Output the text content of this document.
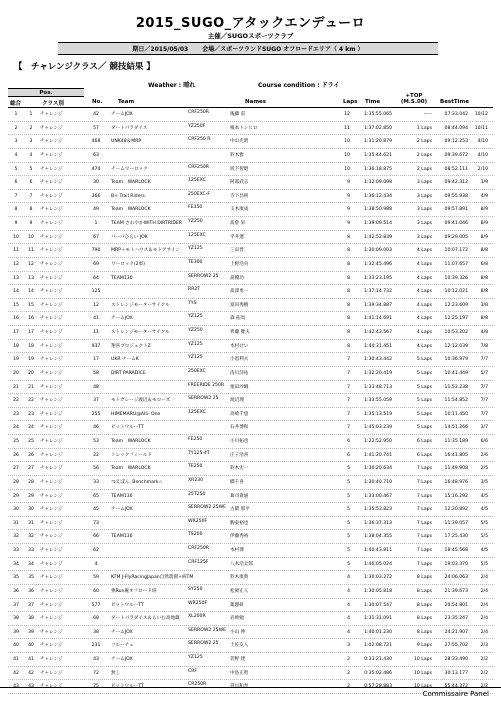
2015_SUGO_アタックエンデューロ
主催／SUGOスポーツクラブ
期日／2015/05/03 会場／スポーツランドSUGO オフロードエリア（ 4 km ）
【　チャレンジクラス／ 競技結果 】
Weather : 晴れ	Course condition : ドライ
Pos.
総合	クラス別	No.	Team	Names	Laps Time
+TOP (M.S.00)	BestTime
1	1	チャレンジ	42	チームJOX	CRF250R	後藤 雷	12	1:35:55.065	-----	07:33.042	10/12
2	2	チャレンジ	57	ダートパラダイス	YZ250F	根本トシヒロ	11	1:37:02.850	1 Laps	08:44.094	10/11
3	3	チャレンジ	468	UNK48＆MRP	CRF250 R	中山光昭	10	1:31:20.879	2 Laps	09:12.253	4/10
4	4	チャレンジ	63	鈴木雅	10	1:35:44.621	2 Laps	09:39.672	4/10
5	5	チャレンジ	474	チームワーロック	CRF250R	坂下智昭	10	1:36:18.875	2 Laps	08:52.111	2/10
6	6	チャレンジ	30	Team　WARLOCK	125EXC	阿部武志	9	1:32:09.098	3 Laps	09:42.312	3/9
7	7	チャレンジ	366	B+ Trail Riders	250EXC-F	寺下昌則	9	1:36:12.434	3 Laps	09:55.938	4/9
8	8	チャレンジ	49	Team　WARLOCK	FE350	玉木康成	9	1:38:50.988	3 Laps	09:57.891	8/9
9	9	チャレンジ	1	TEAM さわやかWITH DIRTRIDER YZ250	髙倉 栄	9	1:39:09.514	3 Laps	09:41.046	8/9
10	10	チャレンジ	67	パーパひらい JOK	125EXC	平井遼	8	1:42:52.839	3 Laps	09:29.005	8/9
11	11	チャレンジ	790	MRP＋モトハウス＆モトアサイン	YZ125	三田晋	8	1:30:09.003	4 Laps	10:07.172	8/8
12	12	チャレンジ	69	ワーロック(2軍)	TE300	上野浩央	8	1:32:45.496	4 Laps	11:07.657	6/8
13	13	チャレンジ	64	TEAM130	SERROW2 25	髙橋功	8	1:33:23.195	4 Laps	10:39.326	8/8
14	14	チャレンジ	125	RR2T	髙澤勇一	8	1:37:14.732	4 Laps	10:12.021	8/8
15	15	チャレンジ	12	ストレンジモーターサイクル	TYS	富田秀樹	8	1:39:34.887	4 Laps	12:23.609	3/8
16	16	チャレンジ	41	チームJOX	YZ125	森 拓馬	8	1:41:14.691	4 Laps	12:25.197	8/8
17	17	チャレンジ	11	ストレンジモーターサイクル	YZ250	齊藤 雅夫	8	1:42:43.567	4 Laps	10:53.202	4/8
18	18	チャレンジ	937	翔喜プロジェクトZ	YZ125	木村けい	8	1:44:31.451	4 Laps	12:12.039	7/8
19	19	チャレンジ	17	UKR チームK	YZ125	小恩利夫	7	1:30:43.442	5 Laps	10:36.979	7/7
20	20	チャレンジ	58	DIRT PARADICE	250EXC	清川洋祐	7	1:32:20.419	5 Laps	10:41.449	5/7
21	21	チャレンジ	48	FREERIDE 250R	栗田沙織	7	1:33:48.713	5 Laps	11:53.238	7/7
22	22	チャレンジ	37	モトガレージ渡辺＆モローズ	SERROW2 25	渡辺理	7	1:33:55.059	5 Laps	11:54.852	7/7
23	23	チャレンジ	255	HIMEMARU@Alli- One	125EXC	高崎千恵	7	1:35:13.519	5 Laps	10:11.450	7/7
24	24	チャレンジ	46	ビットウルーTT	石井博和	7	1:45:03.239	5 Laps	14:51.266	3/7
25	25	チャレンジ	53	Team　WARLOCK	FE250	小川拓也	6	1:22:52.950	6 Laps	11:35.189	6/6
26	26	チャレンジ	22	トレックフィールド	TY125-4T	庄子浩喜	6	1:41:20.741	6 Laps	16:41.805	2/6
27	27	チャレンジ	56	Team　WARLOCK	TE250	鈴木宏一	5	1:30:20.634	7 Laps	11:49.908	2/5
28	28	チャレンジ	33	つえぽん, Benchmark☆	XR230	橋千喜	5	1:30:40.710	7 Laps	16:48.976	3/5
29	29	チャレンジ	65	TEAM130	25T250	葛司貴通	5	1:33:00.467	7 Laps	15:16.292	4/5
30	30	チャレンジ	45	チームJOX	SERROW2 25WE 古閑 那平	5	1:35:53.823	7 Laps	12:20.892	4/5
31	31	チャレンジ	73	WR250F	駒東裕也	5	1:36:37.313	7 Laps	11:39.057	5/5
32	32	チャレンジ	66	TEAM130	TS200	伊藤秀裕	5	1:38:04.355	7 Laps	17:25.430	5/5
33	33	チャレンジ	62	CRF250R	木村博	5	1:40:43.811	7 Laps	18:45.568	4/5
34	34	チャレンジ	4	CRF125F	八木浩太郎	5	1:46:05.024	7 Laps	19:03.370	5/5
35	35	チャレンジ	59	KTM J-FlyRacingJapan自然農園+病TM	鈴木康典	4	1:30:03.272	8 Laps	24:06.063	2/4
36	36	チャレンジ	60	弾Run庵オフロード班	SY250	松岡正人	4	1:30:05.818	8 Laps	21:39.673	2/4
37	37	チャレンジ	577	ビットウルーTT	WR250F	薬理研	4	1:30:07.547	8 Laps	20:54.801	2/4
38	38	チャレンジ	68	ダートパラダイス＆らいむ高地蔵	XL200R	岩崎勉	4	1:31:31.091	8 Laps	23:35.247	2/4
39	39	チャレンジ	38	チームJOX	SERROW2 25WE 小山 伸	4	1:40:01.230	8 Laps	24:21.907	2/4
40	40	チャレンジ	231	フルーチェ	SERROW2 25	土佐友人	3	1:02:08.721	9 Laps	27:55.702	2/3
41	41	チャレンジ	43	チームJOX	YZ125	菅野 建	2	0:33:21.430	10 Laps	28:33.490	2/2
42	42	チャレンジ	72	無し	CRF	中島正智	2	0:35:02.486	10 Laps	30:13.177	2/2
43	43	チャレンジ	75	ビットウルーTT	CR250R	菅川和寿	2	0:57:28.883	10 Laps	55:44.372	2/2
Commissaire Panel
